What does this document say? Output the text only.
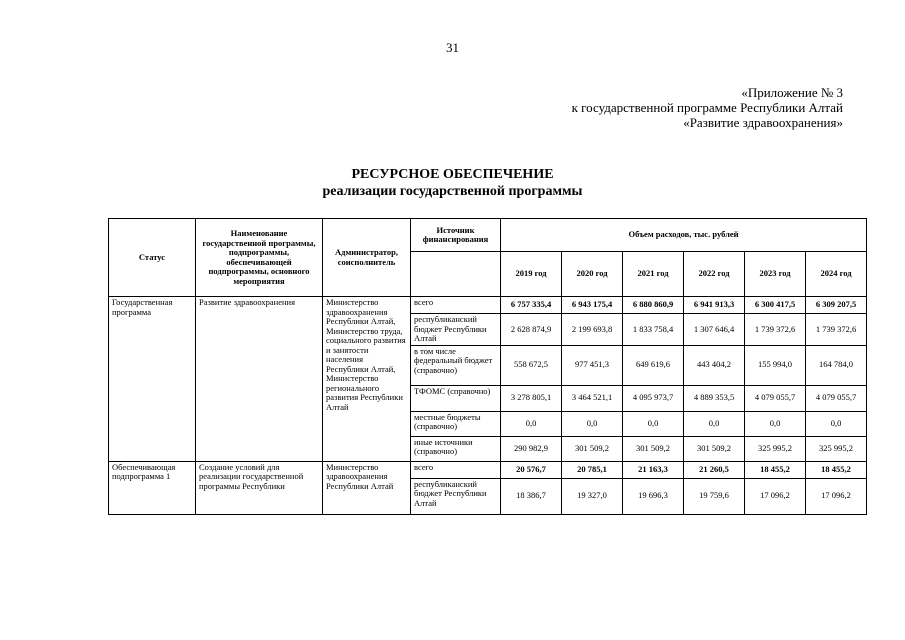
31
«Приложение № 3
к государственной программе Республики Алтай
«Развитие здравоохранения»
РЕСУРСНОЕ ОБЕСПЕЧЕНИЕ
реализации государственной программы
Статус	Наименование государственной программы, подпрограммы, обеспечивающей подпрограммы, основного мероприятия	Администратор, соисполнитель	Источник финансирования	Объем расходов, тыс. рублей					
				2019 год	2020 год	2021 год	2022 год	2023 год	2024 год
Государственная программа	Развитие здравоохранения	Министерство здравоохранения Республики Алтай, Министерство труда, социального развития и занятости населения Республики Алтай, Министерство регионального развития Республики Алтай	всего	6 757 335,4	6 943 175,4	6 880 860,9	6 941 913,3	6 300 417,5	6 309 207,5
			республиканский бюджет Республики Алтай	2 628 874,9	2 199 693,8	1 833 758,4	1 307 646,4	1 739 372,6	1 739 372,6
			в том числе федеральный бюджет (справочно)	558 672,5	977 451,3	649 619,6	443 404,2	155 994,0	164 784,0
			ТФОМС (справочно)	3 278 805,1	3 464 521,1	4 095 973,7	4 889 353,5	4 079 055,7	4 079 055,7
			местные бюджеты (справочно)	0,0	0,0	0,0	0,0	0,0	0,0
			иные источники (справочно)	290 982,9	301 509,2	301 509,2	301 509,2	325 995,2	325 995,2
Обеспечивающая подпрограмма 1	Создание условий для реализации государственной программы Республики	Министерство здравоохранения Республики Алтай	всего	20 576,7	20 785,1	21 163,3	21 260,5	18 455,2	18 455,2
			республиканский бюджет Республики Алтай	18 386,7	19 327,0	19 696,3	19 759,6	17 096,2	17 096,2
